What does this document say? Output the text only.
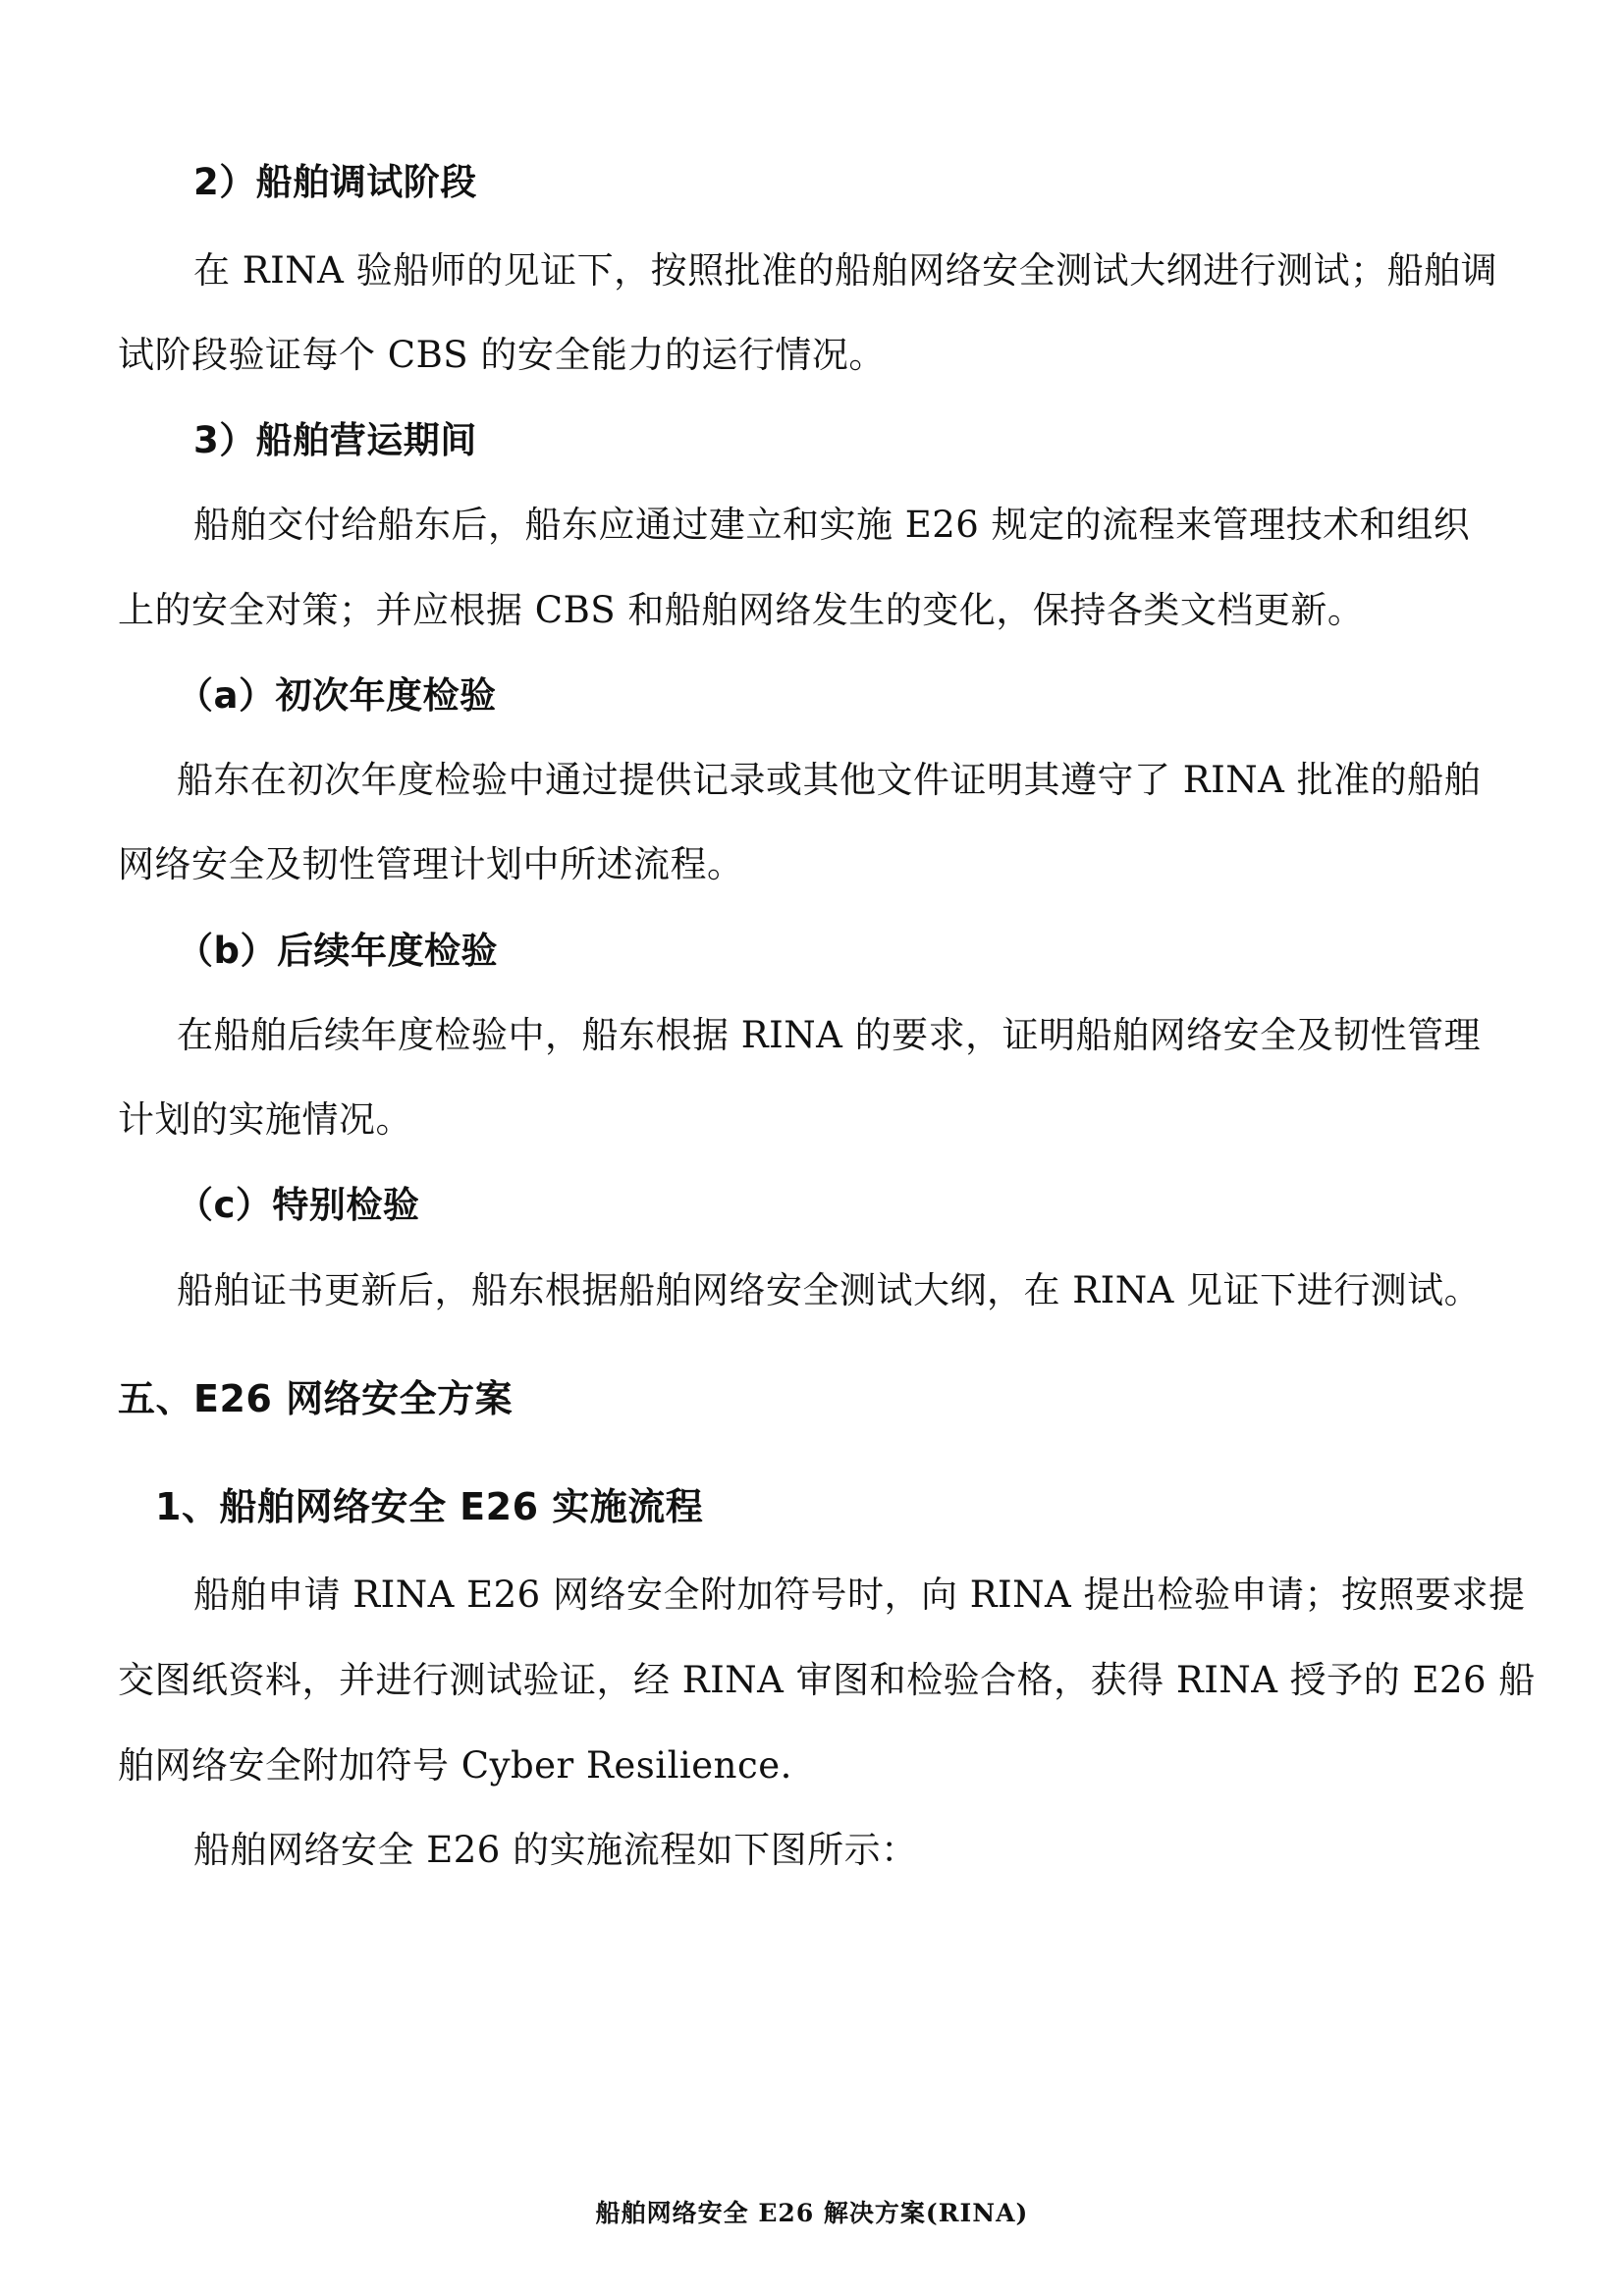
2）船舶调试阶段
在 RINA 验船师的见证下，按照批准的船舶网络安全测试大纲进行测试；船舶调
试阶段验证每个 CBS 的安全能力的运行情况。
3）船舶营运期间
船舶交付给船东后，船东应通过建立和实施 E26 规定的流程来管理技术和组织
上的安全对策；并应根据 CBS 和船舶网络发生的变化，保持各类文档更新。
（a）初次年度检验
船东在初次年度检验中通过提供记录或其他文件证明其遵守了 RINA 批准的船舶
网络安全及韧性管理计划中所述流程。
（b）后续年度检验
在船舶后续年度检验中，船东根据 RINA 的要求，证明船舶网络安全及韧性管理
计划的实施情况。
（c）特别检验
船舶证书更新后，船东根据船舶网络安全测试大纲，在 RINA 见证下进行测试。
五、E26 网络安全方案
1、船舶网络安全 E26 实施流程
船舶申请 RINA E26 网络安全附加符号时，向 RINA 提出检验申请；按照要求提
交图纸资料，并进行测试验证，经 RINA 审图和检验合格，获得 RINA 授予的 E26 船
舶网络安全附加符号 Cyber Resilience.
船舶网络安全 E26 的实施流程如下图所示：
船舶网络安全 E26 解决方案(RINA)
